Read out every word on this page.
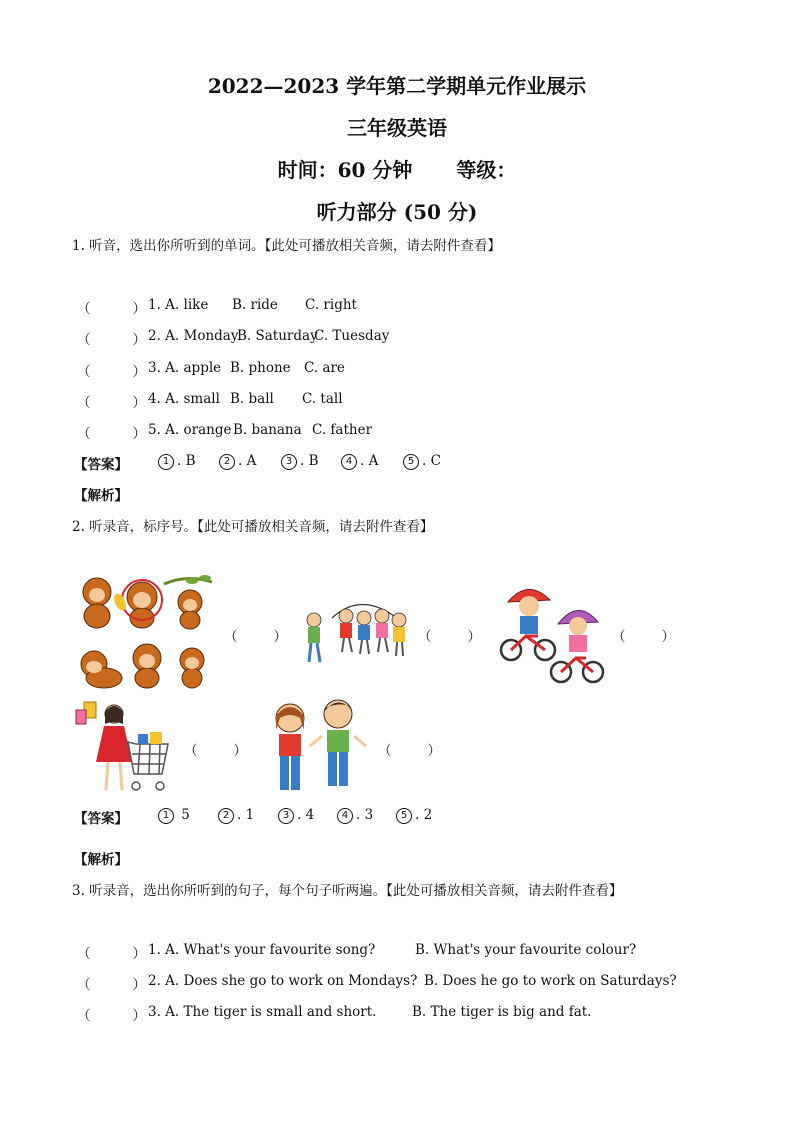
2022—2023 学年第二学期单元作业展示
三年级英语
时间：60 分钟 等级：
听力部分 (50 分)
1. 听音，选出你所听到的单词。【此处可播放相关音频，请去附件查看】
（	） 1. A. like B. ride C. right
（	） 2. A. Monday
B. Saturday
C. Tuesday
（	） 3. A. apple B. phone C. are
（	） 4. A. small B. ball C. tall
（	） 5. A. orange B. banana C. father
【答案】	1 . B	2 . A	3 . B	4 . A	5 . C
【解析】
2. 听录音，标序号。【此处可播放相关音频，请去附件查看】
（	）	（	）	（	）
（	）	（	）
【答案】	1 5	2 . 1	3 . 4	4 . 3	5 . 2
【解析】
3. 听录音，选出你所听到的句子，每个句子听两遍。【此处可播放相关音频，请去附件查看】
（	） 1. A. What's your favourite song?	B. What's your favourite colour?
（	） 2. A. Does she go to work on Mondays? B. Does he go to work on Saturdays?
（	） 3. A. The tiger is small and short.	B. The tiger is big and fat.
